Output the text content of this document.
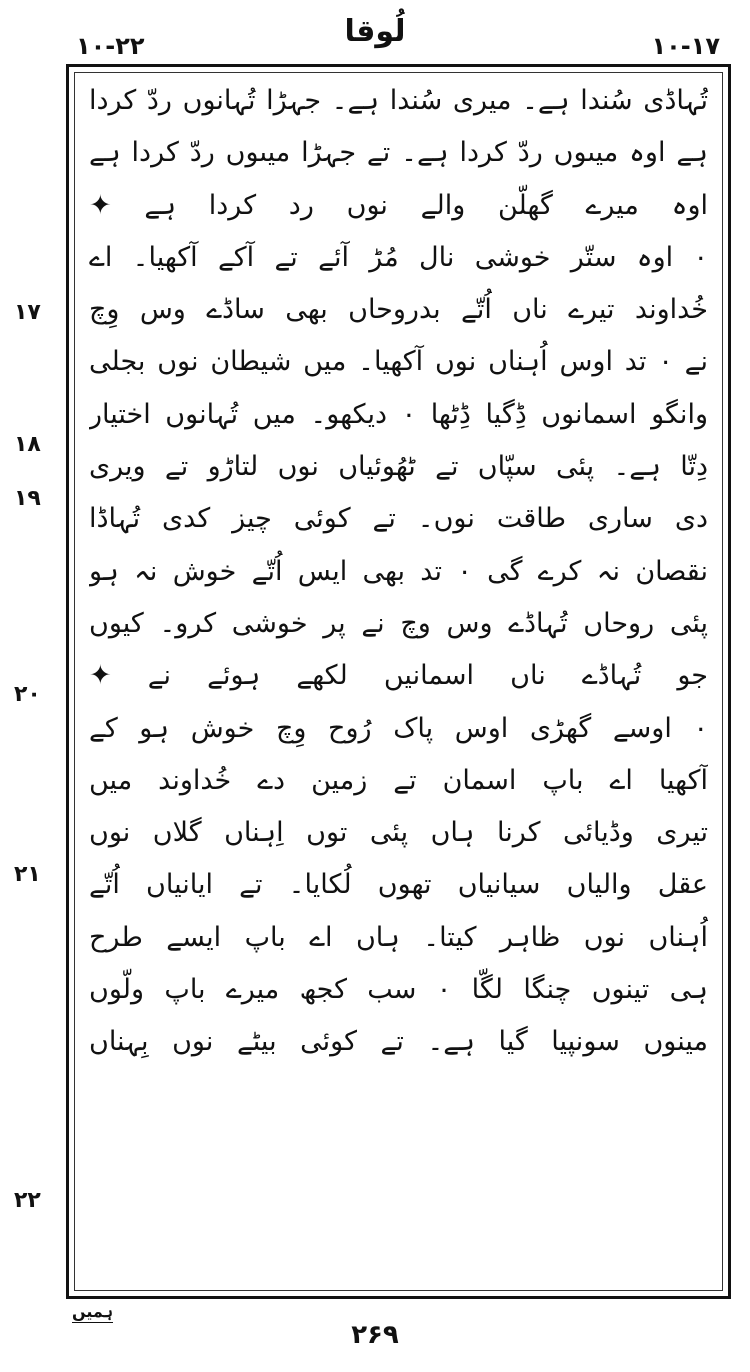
۱۰-۲۲	لُوقا	۱۰-۱۷
۱۷
۱۸
۱۹
۲۰
۲۱
۲۲
تُہاڈی سُندا ہے۔ میری سُندا ہے۔ جہڑا تُہانوں ردّ کردا
ہے اوہ میںوں ردّ کردا ہے۔ تے جہڑا میںوں ردّ کردا ہے
اوہ میرے گھلّن والے نوں رد کردا ہے ✦
۰ اوہ ستّر خوشی نال مُڑ آئے تے آکے آکھیا۔ اے
خُداوند تیرے ناں اُتّے بدروحاں بھی ساڈے وس وِچ
نے ۰ تد اوس اُہناں نوں آکھیا۔ میں شیطان نوں بجلی
وانگو اسمانوں ڈِگیا ڈِٹھا ۰ دیکھو۔ میں تُہانوں اختیار
دِتّا ہے۔ پئی سپّاں تے ٹھُوئیاں نوں لتاڑو تے ویری
دی ساری طاقت نوں۔ تے کوئی چیز کدی تُہاڈا
نقصان نہ کرے گی ۰ تد بھی ایس اُتّے خوش نہ ہو
پئی روحاں تُہاڈے وس وچ نے پر خوشی کرو۔ کیوں
جو تُہاڈے ناں اسمانیں لکھے ہوئے نے ✦
۰ اوسے گھڑی اوس پاک رُوح وِچ خوش ہو کے
آکھیا اے باپ اسمان تے زمین دے خُداوند میں
تیری وڈیائی کرنا ہاں پئی توں اِہناں گلاں نوں
عقل والیاں سیانیاں تھوں لُکایا۔ تے ایانیاں اُتّے
اُہناں نوں ظاہر کیتا۔ ہاں اے باپ ایسے طرح
ہی تینوں چنگا لگّا ۰ سب کجھ میرے باپ ولّوں
مینوں سونپیا گیا ہے۔ تے کوئی بیٹے نوں بِہناں
ہمیں
۲۶۹
